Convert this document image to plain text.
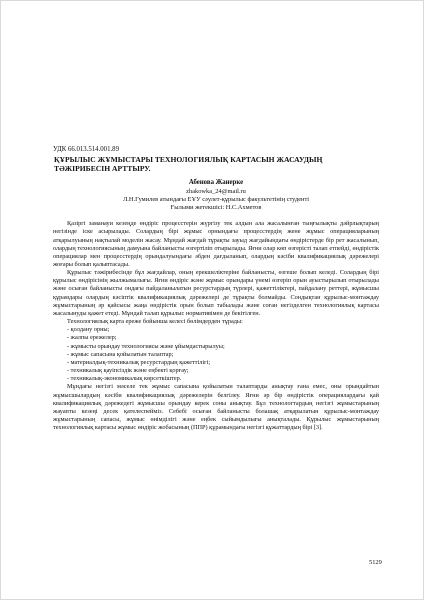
УДК 66.013.514.001.89

ҚҰРЫЛЫС ЖҰМЫСТАРЫ ТЕХНОЛОГИЯЛЫҚ КАРТАСЫН ЖАСАУДЫҢ
ТӘЖІРИБЕСІН АРТТЫРУ.
Абенова Жанерке
zhakowka_24@mail.ru
Л.Н.Гумилев атындағы ЕҰУ сәулет-құрылыс факультетінің студенті
Ғылыми жетекшісі: Н.С.Ахметов

Қазіргі заманауи кезеңде өндіріс процесстерін жүргізу тек алдын ала жасалынған тыңғылықты дәйрлықтарың негізінде іске асырылады. Солардың бірі жұмыс орнындағы процесстердің жене жұмыс операцияларының атқарылуының нақтылай моделін жасау. Мұндай жағдай тұрақты зауыд жағдайындағы өндірістерде бір рет жасалынып, олардың технологиясының дамуына байланысты өзгертіліп отырылады. Яғни олар көп өзгерісті талап етпейді, өндірістік операциялар мен процесстердің орындалуындағы әбден дағдыланып, олардың кәсіби квалификациялық дәрежелері жоғары болып қалыптасады.

Құрылыс тәжірибесінде бұл жағдайлар, оның ерекшеліктеріне байланысты, өзгеше болып келеді. Солардың бірі құрылыс өндірісінің жылжымалығы. Яғни өндіріс және жұмыс орындары үнемі өзгеріп орын ауыстырылып отырылады және осыған байланысты ондағы пайдаланылатын ресурстардың түрлері, қажеттіліктері, пайдалану реттері, жұмысшы құрамдары олардың кәсіптік квалификациялық дәрежелері де тұрақты болмайды. Сондықтан құрылыс-монтаждау жұмыстарының әр қайсысы жаңа өндірістік орын болып табылады және соған негізделген технологиялық картасы жасалынуды қажет етеді. Мұндай талап құрылыс нормативімен де бекітілген.

Технологиялық карта ереже бойынша келесі бөлімдерден тұрады:

- қолдану орны;
- жалпы ережелер;
- жұмысты орындау технологиясы және ұйымдастырылуы;
- жұмыс сапасына қойылатын талаптар;
- материалдық-техникалық ресурстардың қажеттілігі;
- техникалық қауіпсіздік және еңбекті қорғау;
- техникалық-экономикалық көрсеткіштер.

Мұндағы негізгі мәселе тек жұмыс сапасына қойылатын талаптарды анықтау ғана емес, оны орындайтын жұмысшылардың кәсіби квалификациялық дәрежелерін белгілеу. Яғни әр бір өндірістік операциялардағы қай квалификациялық дәрежедегі жұмысшы орындау керек соны анықтау. Бұл технологтардың негізгі жұмыстарының жауапты кезеңі десек қателеспейміз. Себебі осыған байланысты болашақ атқарылатын құрылыс-монтаждау жұмыстарының сапасы, жұмыс өнімділігі және еңбек сыйымдылығы анықталады. Құрылыс жұмыстарының технологиялық картасы жұмыс өндіріс жобасының (ППР) құрамындағы негізгі құжаттардың бірі [3].

5129
